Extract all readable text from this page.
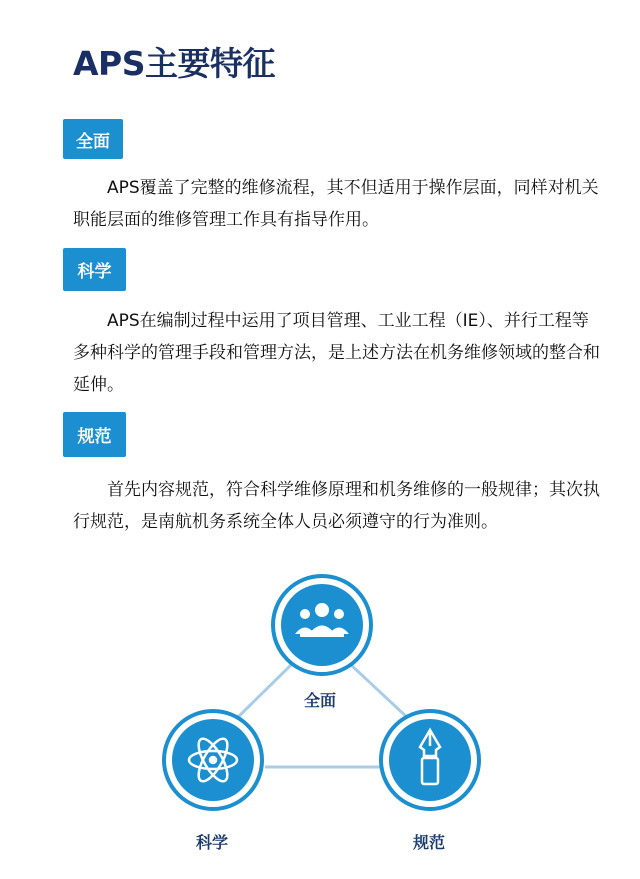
APS主要特征
全面
APS覆盖了完整的维修流程，其不但适用于操作层面，同样对机关职能层面的维修管理工作具有指导作用。
科学
APS在编制过程中运用了项目管理、工业工程（IE）、并行工程等多种科学的管理手段和管理方法，是上述方法在机务维修领域的整合和延伸。
规范
首先内容规范，符合科学维修原理和机务维修的一般规律；其次执行规范，是南航机务系统全体人员必须遵守的行为准则。
全面
科学	规范
